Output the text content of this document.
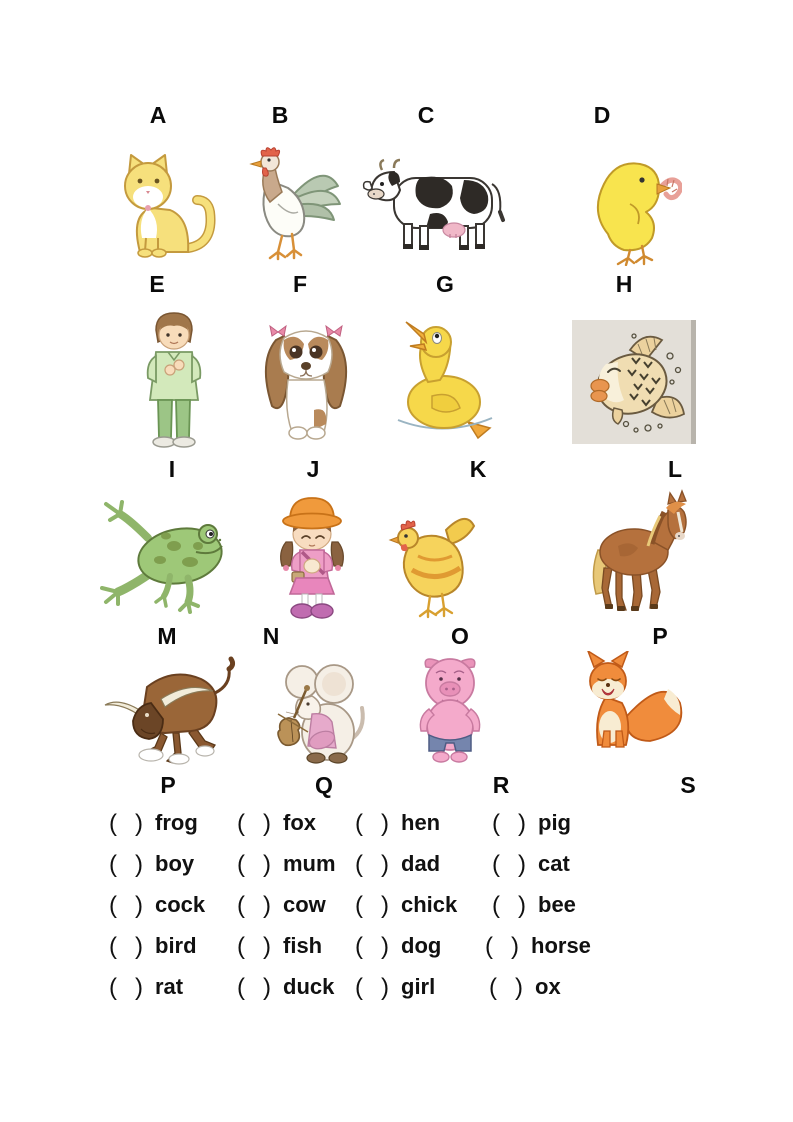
A	B	C	D
E	F	G	H
I	J	K	L
M	N	O	P
P	Q	R	S
( ) frog ( ) fox ( ) hen ( ) pig
( ) boy ( ) mum ( ) dad ( ) cat
( ) cock ( ) cow ( ) chick ( ) bee
( ) bird ( ) fish ( ) dog ( ) horse
( ) rat ( ) duck ( ) girl ( ) ox
